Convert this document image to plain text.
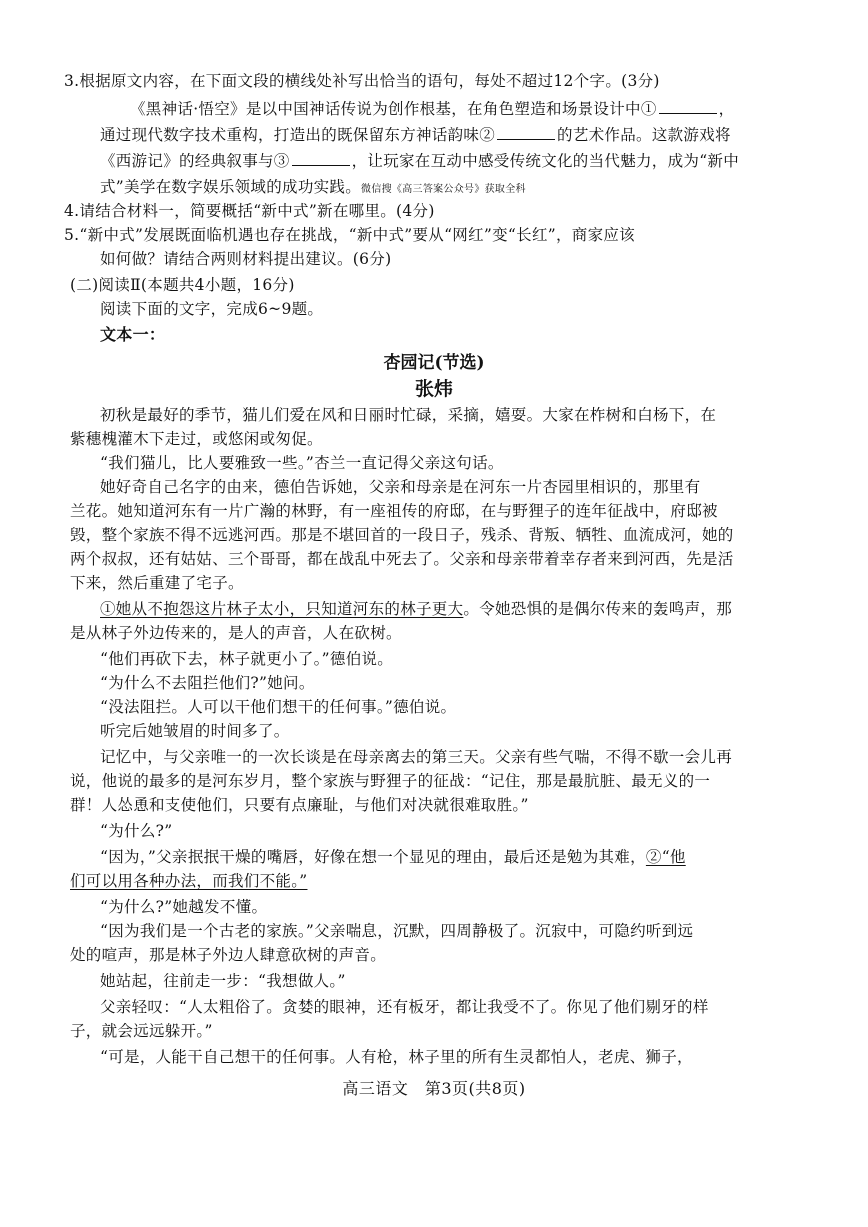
3.根据原文内容，在下面文段的横线处补写出恰当的语句，每处不超过12个字。(3分)
《黑神话·悟空》是以中国神话传说为创作根基，在角色塑造和场景设计中①	，
通过现代数字技术重构，打造出的既保留东方神话韵味②	的艺术作品。这款游戏将
《西游记》的经典叙事与③	，让玩家在互动中感受传统文化的当代魅力，成为“新中
式”美学在数字娱乐领域的成功实践。微信搜《高三答案公众号》获取全科
4.请结合材料一，简要概括“新中式”新在哪里。(4分)
5.“新中式”发展既面临机遇也存在挑战，“新中式”要从“网红”变“长红”，商家应该
如何做？请结合两则材料提出建议。(6分)
(二)阅读Ⅱ(本题共4小题，16分)
阅读下面的文字，完成6~9题。
文本一：
杏园记(节选)
张炜
初秋是最好的季节，猫儿们爱在风和日丽时忙碌，采摘，嬉耍。大家在柞树和白杨下，在
紫穗槐灌木下走过，或悠闲或匆促。
“我们猫儿，比人要雅致一些。”杏兰一直记得父亲这句话。
她好奇自己名字的由来，德伯告诉她，父亲和母亲是在河东一片杏园里相识的，那里有
兰花。她知道河东有一片广瀚的林野，有一座祖传的府邸，在与野狸子的连年征战中，府邸被
毁，整个家族不得不远逃河西。那是不堪回首的一段日子，残杀、背叛、牺牲、血流成河，她的
两个叔叔，还有姑姑、三个哥哥，都在战乱中死去了。父亲和母亲带着幸存者来到河西，先是活
下来，然后重建了宅子。
①她从不抱怨这片林子太小，只知道河东的林子更大。令她恐惧的是偶尔传来的轰鸣声，那
是从林子外边传来的，是人的声音，人在砍树。
“他们再砍下去，林子就更小了。”德伯说。
“为什么不去阻拦他们?”她问。
“没法阻拦。人可以干他们想干的任何事。”德伯说。
听完后她皱眉的时间多了。
记忆中，与父亲唯一的一次长谈是在母亲离去的第三天。父亲有些气喘，不得不歇一会儿再
说，他说的最多的是河东岁月，整个家族与野狸子的征战：“记住，那是最肮脏、最无义的一
群！人怂恿和支使他们，只要有点廉耻，与他们对决就很难取胜。”
“为什么?”
“因为，”父亲抿抿干燥的嘴唇，好像在想一个显见的理由，最后还是勉为其难，②“他
们可以用各种办法，而我们不能。”
“为什么?”她越发不懂。
“因为我们是一个古老的家族。”父亲喘息，沉默，四周静极了。沉寂中，可隐约听到远
处的喧声，那是林子外边人肆意砍树的声音。
她站起，往前走一步：“我想做人。”
父亲轻叹：“人太粗俗了。贪婪的眼神，还有板牙，都让我受不了。你见了他们剔牙的样
子，就会远远躲开。”
“可是，人能干自己想干的任何事。人有枪，林子里的所有生灵都怕人，老虎、狮子，
高三语文　第3页(共8页)
